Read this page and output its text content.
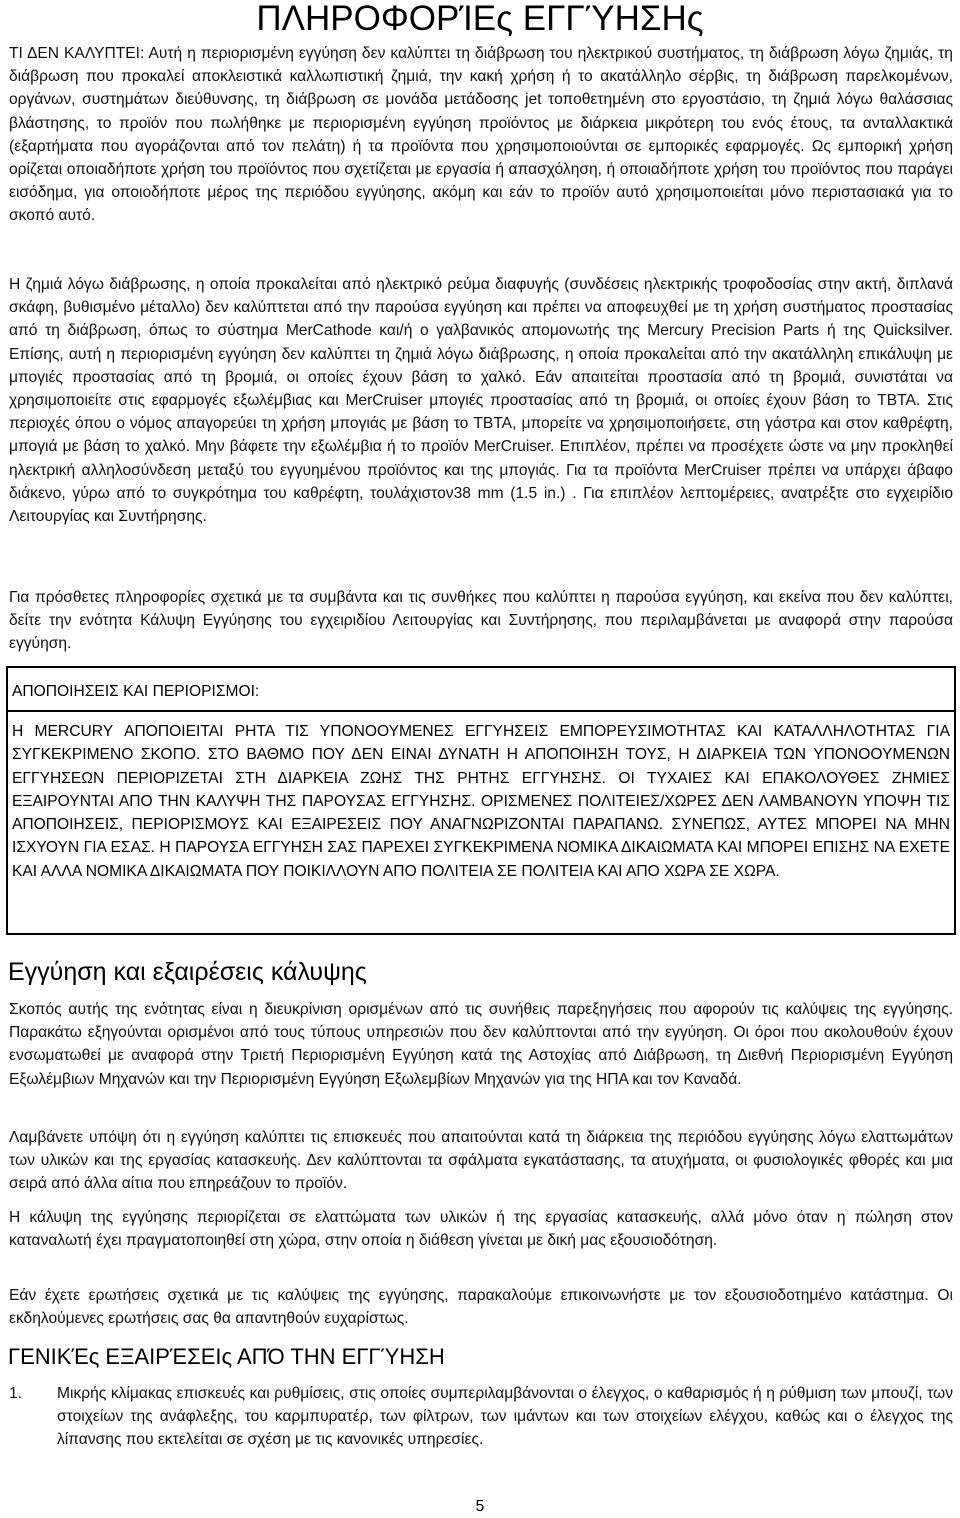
ΠΛΗΡΟΦΟΡΊΕς ΕΓΓΎΗΣΗς

ΤΙ ΔΕΝ ΚΑΛΥΠΤΕΙ: Αυτή η περιορισμένη εγγύηση δεν καλύπτει τη διάβρωση του ηλεκτρικού συστήματος, τη διάβρωση λόγω ζημιάς, τη διάβρωση που προκαλεί αποκλειστικά καλλωπιστική ζημιά, την κακή χρήση ή το ακατάλληλο σέρβις, τη διάβρωση παρελκομένων, οργάνων, συστημάτων διεύθυνσης, τη διάβρωση σε μονάδα μετάδοσης jet τοποθετημένη στο εργοστάσιο, τη ζημιά λόγω θαλάσσιας βλάστησης, το προϊόν που πωλήθηκε με περιορισμένη εγγύηση προϊόντος με διάρκεια μικρότερη του ενός έτους, τα ανταλλακτικά (εξαρτήματα που αγοράζονται από τον πελάτη) ή τα προϊόντα που χρησιμοποιούνται σε εμπορικές εφαρμογές. Ως εμπορική χρήση ορίζεται οποιαδήποτε χρήση του προϊόντος που σχετίζεται με εργασία ή απασχόληση, ή οποιαδήποτε χρήση του προϊόντος που παράγει εισόδημα, για οποιοδήποτε μέρος της περιόδου εγγύησης, ακόμη και εάν το προϊόν αυτό χρησιμοποιείται μόνο περιστασιακά για το σκοπό αυτό.

Η ζημιά λόγω διάβρωσης, η οποία προκαλείται από ηλεκτρικό ρεύμα διαφυγής (συνδέσεις ηλεκτρικής τροφοδοσίας στην ακτή, διπλανά σκάφη, βυθισμένο μέταλλο) δεν καλύπτεται από την παρούσα εγγύηση και πρέπει να αποφευχθεί με τη χρήση συστήματος προστασίας από τη διάβρωση, όπως το σύστημα MerCathode και/ή ο γαλβανικός απομονωτής της Mercury Precision Parts ή της Quicksilver. Επίσης, αυτή η περιορισμένη εγγύηση δεν καλύπτει τη ζημιά λόγω διάβρωσης, η οποία προκαλείται από την ακατάλληλη επικάλυψη με μπογιές προστασίας από τη βρομιά, οι οποίες έχουν βάση το χαλκό. Εάν απαιτείται προστασία από τη βρομιά, συνιστάται να χρησιμοποιείτε στις εφαρμογές εξωλέμβιας και MerCruiser μπογιές προστασίας από τη βρομιά, οι οποίες έχουν βάση το TBTA. Στις περιοχές όπου ο νόμος απαγορεύει τη χρήση μπογιάς με βάση το TBTA, μπορείτε να χρησιμοποιήσετε, στη γάστρα και στον καθρέφτη, μπογιά με βάση το χαλκό. Μην βάφετε την εξωλέμβια ή το προϊόν MerCruiser. Επιπλέον, πρέπει να προσέχετε ώστε να μην προκληθεί ηλεκτρική αλληλοσύνδεση μεταξύ του εγγυημένου προϊόντος και της μπογιάς. Για τα προϊόντα MerCruiser πρέπει να υπάρχει άβαφο διάκενο, γύρω από το συγκρότημα του καθρέφτη, τουλάχιστον38 mm (1.5 in.) . Για επιπλέον λεπτομέρειες, ανατρέξτε στο εγχειρίδιο Λειτουργίας και Συντήρησης.
Για πρόσθετες πληροφορίες σχετικά με τα συμβάντα και τις συνθήκες που καλύπτει η παρούσα εγγύηση, και εκείνα που δεν καλύπτει, δείτε την ενότητα Κάλυψη Εγγύησης του εγχειριδίου Λειτουργίας και Συντήρησης, που περιλαμβάνεται με αναφορά στην παρούσα εγγύηση.
ΑΠΟΠΟΙΗΣΕΙΣ ΚΑΙ ΠΕΡΙΟΡΙΣΜΟΙ:
Η MERCURY ΑΠΟΠΟΙΕΙΤΑΙ ΡΗΤΑ ΤΙΣ ΥΠΟΝΟΟΥΜΕΝΕΣ ΕΓΓΥΗΣΕΙΣ ΕΜΠΟΡΕΥΣΙΜΟΤΗΤΑΣ ΚΑΙ ΚΑΤΑΛΛΗΛΟΤΗΤΑΣ ΓΙΑ ΣΥΓΚΕΚΡΙΜΕΝΟ ΣΚΟΠΟ. ΣΤΟ ΒΑΘΜΟ ΠΟΥ ΔΕΝ ΕΙΝΑΙ ΔΥΝΑΤΗ Η ΑΠΟΠΟΙΗΣΗ ΤΟΥΣ, Η ΔΙΑΡΚΕΙΑ ΤΩΝ ΥΠΟΝΟΟΥΜΕΝΩΝ ΕΓΓΥΗΣΕΩΝ ΠΕΡΙΟΡΙΖΕΤΑΙ ΣΤΗ ΔΙΑΡΚΕΙΑ ΖΩΗΣ ΤΗΣ ΡΗΤΗΣ ΕΓΓΥΗΣΗΣ. ΟΙ ΤΥΧΑΙΕΣ ΚΑΙ ΕΠΑΚΟΛΟΥΘΕΣ ΖΗΜΙΕΣ ΕΞΑΙΡΟΥΝΤΑΙ ΑΠΟ ΤΗΝ ΚΑΛΥΨΗ ΤΗΣ ΠΑΡΟΥΣΑΣ ΕΓΓΥΗΣΗΣ. ΟΡΙΣΜΕΝΕΣ ΠΟΛΙΤΕΙΕΣ/ΧΩΡΕΣ ΔΕΝ ΛΑΜΒΑΝΟΥΝ ΥΠΟΨΗ ΤΙΣ ΑΠΟΠΟΙΗΣΕΙΣ, ΠΕΡΙΟΡΙΣΜΟΥΣ ΚΑΙ ΕΞΑΙΡΕΣΕΙΣ ΠΟΥ ΑΝΑΓΝΩΡΙΖΟΝΤΑΙ ΠΑΡΑΠΑΝΩ. ΣΥΝΕΠΩΣ, ΑΥΤΕΣ ΜΠΟΡΕΙ ΝΑ ΜΗΝ ΙΣΧΥΟΥΝ ΓΙΑ ΕΣΑΣ. Η ΠΑΡΟΥΣΑ ΕΓΓΥΗΣΗ ΣΑΣ ΠΑΡΕΧΕΙ ΣΥΓΚΕΚΡΙΜΕΝΑ ΝΟΜΙΚΑ ΔΙΚΑΙΩΜΑΤΑ ΚΑΙ ΜΠΟΡΕΙ ΕΠΙΣΗΣ ΝΑ ΕΧΕΤΕ ΚΑΙ ΑΛΛΑ ΝΟΜΙΚΑ ΔΙΚΑΙΩΜΑΤΑ ΠΟΥ ΠΟΙΚΙΛΛΟΥΝ ΑΠΟ ΠΟΛΙΤΕΙΑ ΣΕ ΠΟΛΙΤΕΙΑ ΚΑΙ ΑΠΟ ΧΩΡΑ ΣΕ ΧΩΡΑ.
Εγγύηση και εξαιρέσεις κάλυψης
Σκοπός αυτής της ενότητας είναι η διευκρίνιση ορισμένων από τις συνήθεις παρεξηγήσεις που αφορούν τις καλύψεις της εγγύησης. Παρακάτω εξηγούνται ορισμένοι από τους τύπους υπηρεσιών που δεν καλύπτονται από την εγγύηση. Οι όροι που ακολουθούν έχουν ενσωματωθεί με αναφορά στην Τριετή Περιορισμένη Εγγύηση κατά της Αστοχίας από Διάβρωση, τη Διεθνή Περιορισμένη Εγγύηση Εξωλέμβιων Μηχανών και την Περιορισμένη Εγγύηση Εξωλεμβίων Μηχανών για της ΗΠΑ και τον Καναδά.
Λαμβάνετε υπόψη ότι η εγγύηση καλύπτει τις επισκευές που απαιτούνται κατά τη διάρκεια της περιόδου εγγύησης λόγω ελαττωμάτων των υλικών και της εργασίας κατασκευής. Δεν καλύπτονται τα σφάλματα εγκατάστασης, τα ατυχήματα, οι φυσιολογικές φθορές και μια σειρά από άλλα αίτια που επηρεάζουν το προϊόν.
Η κάλυψη της εγγύησης περιορίζεται σε ελαττώματα των υλικών ή της εργασίας κατασκευής, αλλά μόνο όταν η πώληση στον καταναλωτή έχει πραγματοποιηθεί στη χώρα, στην οποία η διάθεση γίνεται με δική μας εξουσιοδότηση.
Εάν έχετε ερωτήσεις σχετικά με τις καλύψεις της εγγύησης, παρακαλούμε επικοινωνήστε με τον εξουσιοδοτημένο κατάστημα. Οι εκδηλούμενες ερωτήσεις σας θα απαντηθούν ευχαρίστως.
ΓΕΝΙΚΈς ΕΞΑΙΡΈΣΕΙς ΑΠΌ ΤΗΝ ΕΓΓΎΗΣΗ
1. Μικρής κλίμακας επισκευές και ρυθμίσεις, στις οποίες συμπεριλαμβάνονται ο έλεγχος, ο καθαρισμός ή η ρύθμιση των μπουζί, των στοιχείων της ανάφλεξης, του καρμπυρατέρ, των φίλτρων, των ιμάντων και των στοιχείων ελέγχου, καθώς και ο έλεγχος της λίπανσης που εκτελείται σε σχέση με τις κανονικές υπηρεσίες.
5
